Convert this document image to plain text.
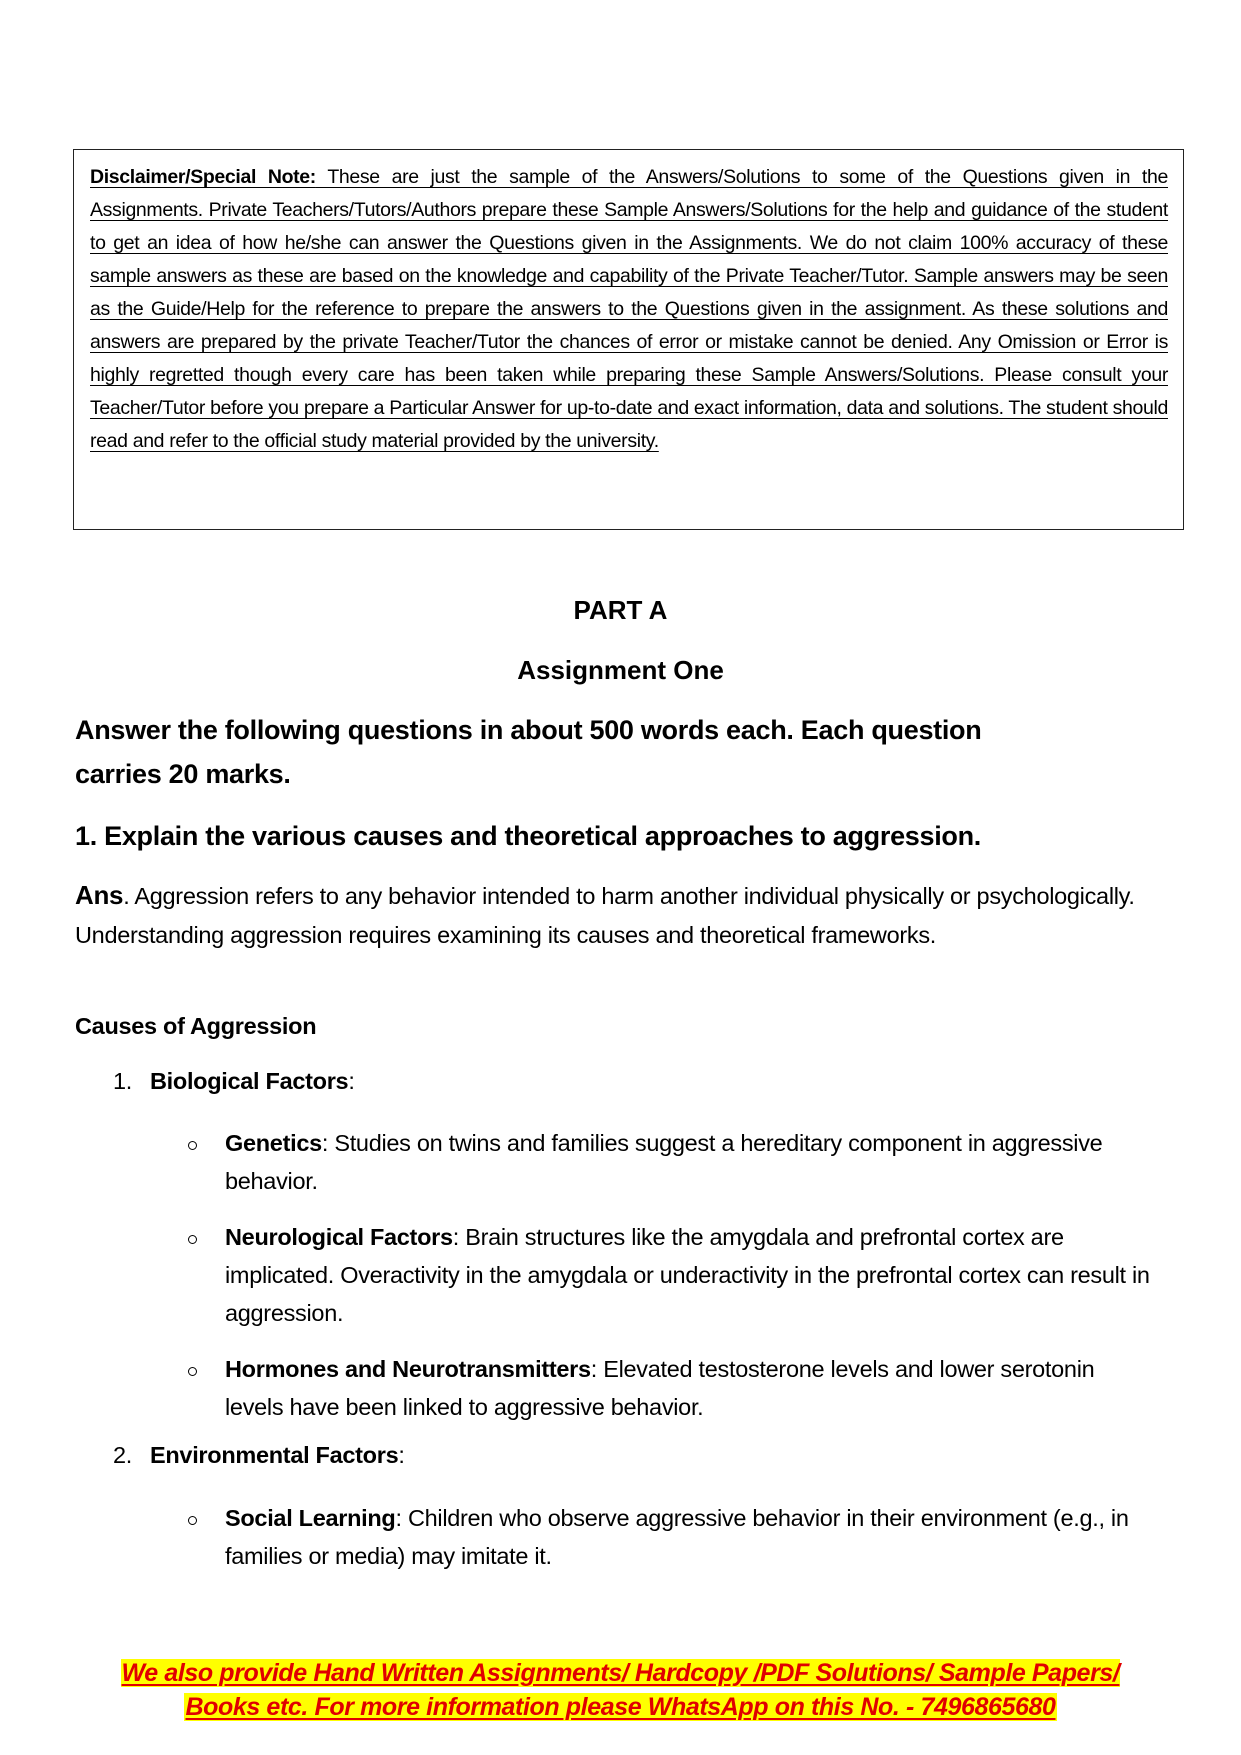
Disclaimer/Special Note: These are just the sample of the Answers/Solutions to some of the Questions given in the Assignments. Private Teachers/Tutors/Authors prepare these Sample Answers/Solutions for the help and guidance of the student to get an idea of how he/she can answer the Questions given in the Assignments. We do not claim 100% accuracy of these sample answers as these are based on the knowledge and capability of the Private Teacher/Tutor. Sample answers may be seen as the Guide/Help for the reference to prepare the answers to the Questions given in the assignment. As these solutions and answers are prepared by the private Teacher/Tutor the chances of error or mistake cannot be denied. Any Omission or Error is highly regretted though every care has been taken while preparing these Sample Answers/Solutions. Please consult your Teacher/Tutor before you prepare a Particular Answer for up-to-date and exact information, data and solutions. The student should read and refer to the official study material provided by the university.
PART A
Assignment One
Answer the following questions in about 500 words each. Each question carries 20 marks.
1. Explain the various causes and theoretical approaches to aggression.
Ans. Aggression refers to any behavior intended to harm another individual physically or psychologically. Understanding aggression requires examining its causes and theoretical frameworks.
Causes of Aggression
1. Biological Factors:
Genetics: Studies on twins and families suggest a hereditary component in aggressive behavior.
Neurological Factors: Brain structures like the amygdala and prefrontal cortex are implicated. Overactivity in the amygdala or underactivity in the prefrontal cortex can result in aggression.
Hormones and Neurotransmitters: Elevated testosterone levels and lower serotonin levels have been linked to aggressive behavior.
2. Environmental Factors:
Social Learning: Children who observe aggressive behavior in their environment (e.g., in families or media) may imitate it.
We also provide Hand Written Assignments/ Hardcopy /PDF Solutions/ Sample Papers/
Books etc. For more information please WhatsApp on this No. - 7496865680
